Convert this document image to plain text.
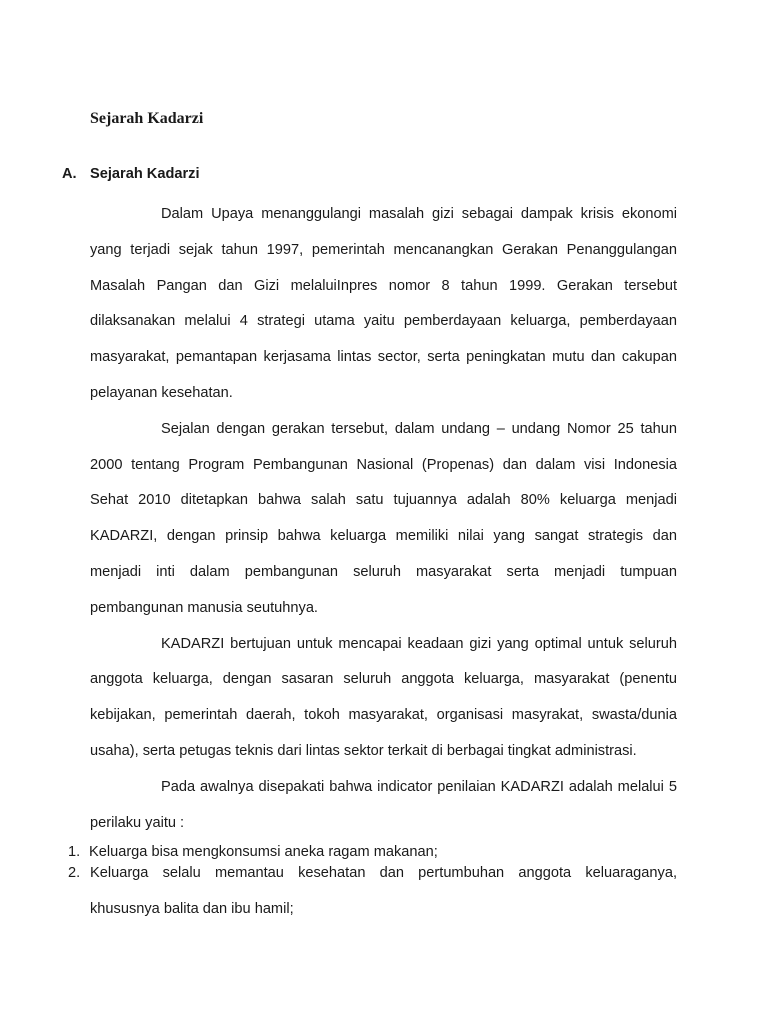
Sejarah Kadarzi
A. Sejarah Kadarzi

Dalam Upaya menanggulangi masalah gizi sebagai dampak krisis ekonomi yang terjadi sejak tahun 1997, pemerintah mencanangkan Gerakan Penanggulangan Masalah Pangan dan Gizi melaluiInpres nomor 8 tahun 1999. Gerakan tersebut dilaksanakan melalui 4 strategi utama yaitu pemberdayaan keluarga, pemberdayaan masyarakat, pemantapan kerjasama lintas sector, serta peningkatan mutu dan cakupan pelayanan kesehatan.

Sejalan dengan gerakan tersebut, dalam undang – undang Nomor 25 tahun 2000 tentang Program Pembangunan Nasional (Propenas) dan dalam visi Indonesia Sehat 2010 ditetapkan bahwa salah satu tujuannya adalah 80% keluarga menjadi KADARZI, dengan prinsip bahwa keluarga memiliki nilai yang sangat strategis dan menjadi inti dalam pembangunan seluruh masyarakat serta menjadi tumpuan pembangunan manusia seutuhnya.

KADARZI bertujuan untuk mencapai keadaan gizi yang optimal untuk seluruh anggota keluarga, dengan sasaran seluruh anggota keluarga, masyarakat (penentu kebijakan, pemerintah daerah, tokoh masyarakat, organisasi masyrakat, swasta/dunia usaha), serta petugas teknis dari lintas sektor terkait di berbagai tingkat administrasi.

Pada awalnya disepakati bahwa indicator penilaian KADARZI adalah melalui 5 perilaku yaitu :

1. Keluarga bisa mengkonsumsi aneka ragam makanan;
2. Keluarga selalu memantau kesehatan dan pertumbuhan anggota keluaraganya,
khususnya balita dan ibu hamil;
